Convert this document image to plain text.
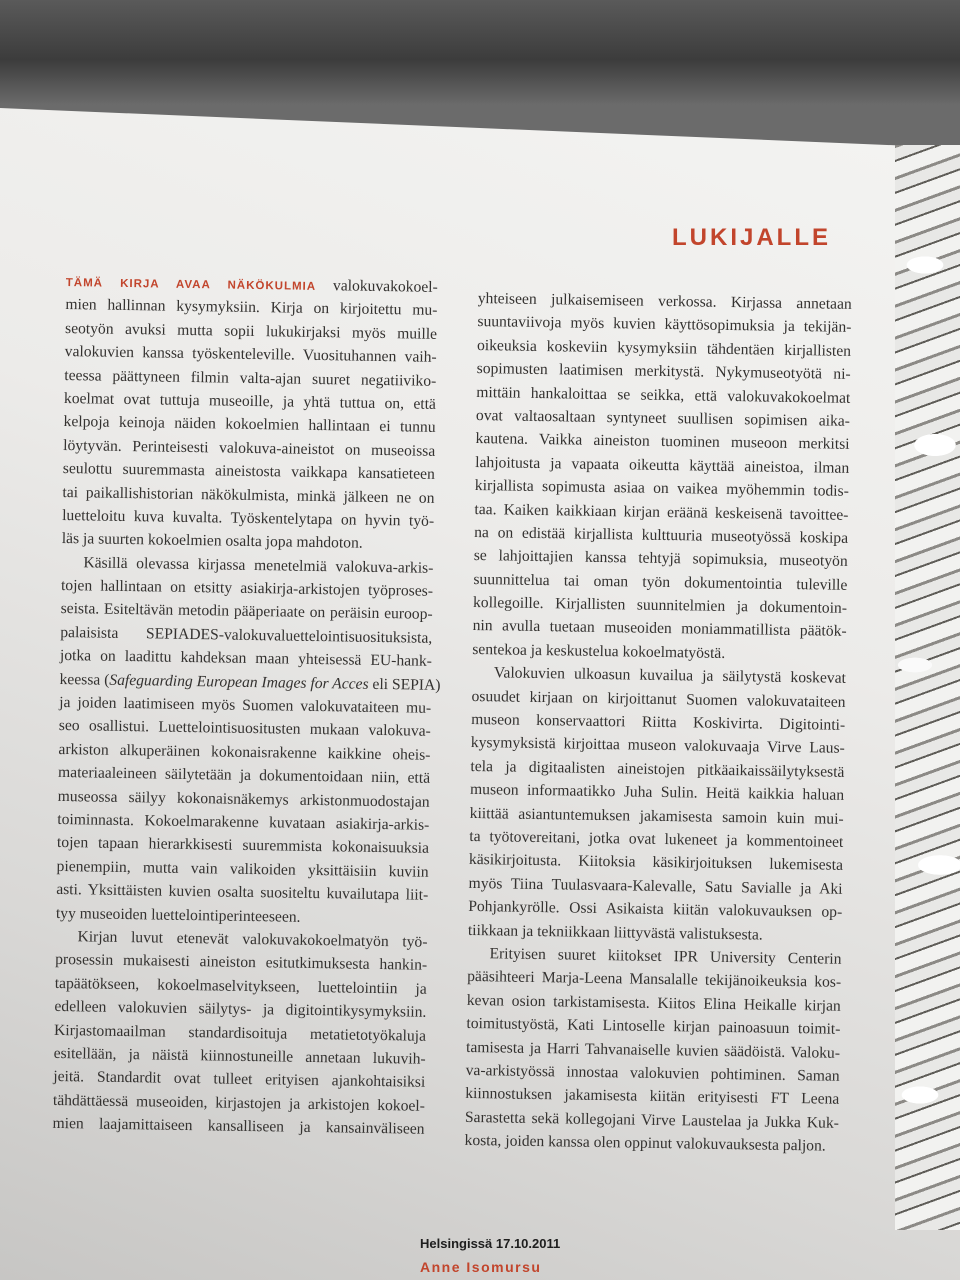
LUKIJALLE
TÄMÄ KIRJA AVAA NÄKÖKULMIA valokuvakokoel-
mien hallinnan kysymyksiin. Kirja on kirjoitettu mu-
seotyön avuksi mutta sopii lukukirjaksi myös muille
valokuvien kanssa työskenteleville. Vuosituhannen vaih-
teessa päättyneen filmin valta-ajan suuret negatiiviko-
koelmat ovat tuttuja museoille, ja yhtä tuttua on, että
kelpoja keinoja näiden kokoelmien hallintaan ei tunnu
löytyvän. Perinteisesti valokuva-aineistot on museoissa
seulottu suuremmasta aineistosta vaikkapa kansatieteen
tai paikallishistorian näkökulmista, minkä jälkeen ne on
luetteloitu kuva kuvalta. Työskentelytapa on hyvin työ-
läs ja suurten kokoelmien osalta jopa mahdoton.
Käsillä olevassa kirjassa menetelmiä valokuva-arkis-
tojen hallintaan on etsitty asiakirja-arkistojen työproses-
seista. Esiteltävän metodin pääperiaate on peräisin euroop-
palaisista SEPIADES-valokuvaluettelointisuosituksista,
jotka on laadittu kahdeksan maan yhteisessä EU-hank-
keessa (Safeguarding European Images for Acces eli SEPIA)
ja joiden laatimiseen myös Suomen valokuvataiteen mu-
seo osallistui. Luettelointisuositusten mukaan valokuva-
arkiston alkuperäinen kokonaisrakenne kaikkine oheis-
materiaaleineen säilytetään ja dokumentoidaan niin, että
museossa säilyy kokonaisnäkemys arkistonmuodostajan
toiminnasta. Kokoelmarakenne kuvataan asiakirja-arkis-
tojen tapaan hierarkkisesti suuremmista kokonaisuuksia
pienempiin, mutta vain valikoiden yksittäisiin kuviin
asti. Yksittäisten kuvien osalta suositeltu kuvailutapa liit-
tyy museoiden luettelointiperinteeseen.
Kirjan luvut etenevät valokuvakokoelmatyön työ-
prosessin mukaisesti aineiston esitutkimuksesta hankin-
tapäätökseen, kokoelmaselvitykseen, luettelointiin ja
edelleen valokuvien säilytys- ja digitointikysymyksiin.
Kirjastomaailman standardisoituja metatietotyökaluja
esitellään, ja näistä kiinnostuneille annetaan lukuvih-
jeitä. Standardit ovat tulleet erityisen ajankohtaisiksi
tähdättäessä museoiden, kirjastojen ja arkistojen kokoel-
mien laajamittaiseen kansalliseen ja kansainväliseen
yhteiseen julkaisemiseen verkossa. Kirjassa annetaan
suuntaviivoja myös kuvien käyttösopimuksia ja tekijän-
oikeuksia koskeviin kysymyksiin tähdentäen kirjallisten
sopimusten laatimisen merkitystä. Nykymuseotyötä ni-
mittäin hankaloittaa se seikka, että valokuvakokoelmat
ovat valtaosaltaan syntyneet suullisen sopimisen aika-
kautena. Vaikka aineiston tuominen museoon merkitsi
lahjoitusta ja vapaata oikeutta käyttää aineistoa, ilman
kirjallista sopimusta asiaa on vaikea myöhemmin todis-
taa. Kaiken kaikkiaan kirjan eräänä keskeisenä tavoittee-
na on edistää kirjallista kulttuuria museotyössä koskipa
se lahjoittajien kanssa tehtyjä sopimuksia, museotyön
suunnittelua tai oman työn dokumentointia tuleville
kollegoille. Kirjallisten suunnitelmien ja dokumentoin-
nin avulla tuetaan museoiden moniammatillista päätök-
sentekoa ja keskustelua kokoelmatyöstä.
Valokuvien ulkoasun kuvailua ja säilytystä koskevat
osuudet kirjaan on kirjoittanut Suomen valokuvataiteen
museon konservaattori Riitta Koskivirta. Digitointi-
kysymyksistä kirjoittaa museon valokuvaaja Virve Laus-
tela ja digitaalisten aineistojen pitkäaikaissäilytyksestä
museon informaatikko Juha Sulin. Heitä kaikkia haluan
kiittää asiantuntemuksen jakamisesta samoin kuin mui-
ta työtovereitani, jotka ovat lukeneet ja kommentoineet
käsikirjoitusta. Kiitoksia käsikirjoituksen lukemisesta
myös Tiina Tuulasvaara-Kalevalle, Satu Savialle ja Aki
Pohjankyrölle. Ossi Asikaista kiitän valokuvauksen op-
tiikkaan ja tekniikkaan liittyvästä valistuksesta.
Erityisen suuret kiitokset IPR University Centerin
pääsihteeri Marja-Leena Mansalalle tekijänoikeuksia kos-
kevan osion tarkistamisesta. Kiitos Elina Heikalle kirjan
toimitustyöstä, Kati Lintoselle kirjan painoasuun toimit-
tamisesta ja Harri Tahvanaiselle kuvien säädöistä. Valoku-
va-arkistyössä innostaa valokuvien pohtiminen. Saman
kiinnostuksen jakamisesta kiitän erityisesti FT Leena
Sarastetta sekä kollegojani Virve Laustelaa ja Jukka Kuk-
kosta, joiden kanssa olen oppinut valokuvauksesta paljon.
Helsingissä 17.10.2011
Anne Isomursu
